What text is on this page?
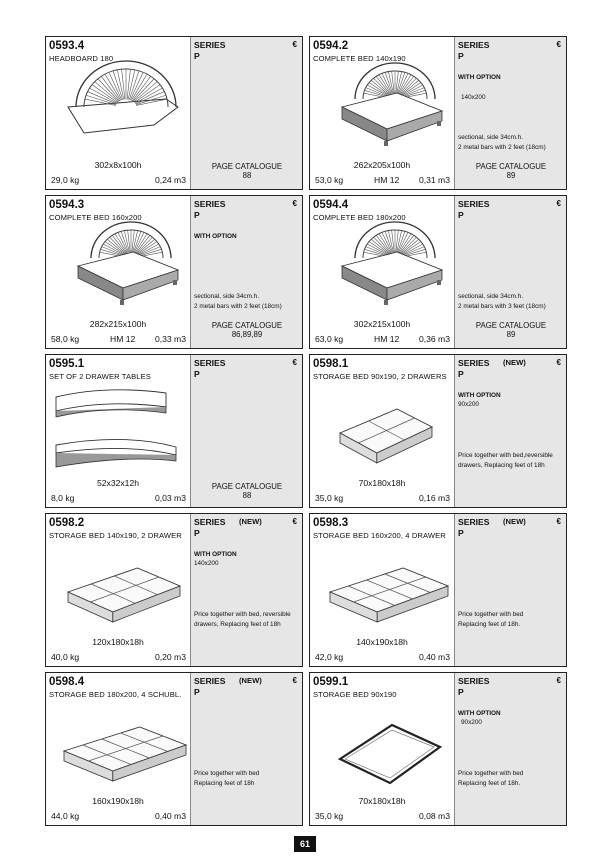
0593.4
HEADBOARD 180
302x8x100h
29,0 kg	0,24 m3
SERIES	€
P
PAGE CATALOGUE
88
0594.2
COMPLETE BED 140x190
262x205x100h
53,0 kg	HM 12 0,31 m3
SERIES	€
P
WITH OPTION
140x200
sectional, side 34cm.h.
2 metal bars with 2 feet (18cm)
PAGE CATALOGUE
89
0594.3
COMPLETE BED 160x200
282x215x100h
58,0 kg	HM 12 0,33 m3
SERIES	€
P
WITH OPTION
sectional, side 34cm.h.
2 metal bars with 2 feet (18cm)
PAGE CATALOGUE
86,89,89
0594.4
COMPLETE BED 180x200
302x215x100h
63,0 kg	HM 12 0,36 m3
SERIES	€
P
sectional, side 34cm.h.
2 metal bars with 3 feet (18cm)
PAGE CATALOGUE
89
0595.1
SET OF 2 DRAWER TABLES
52x32x12h
8,0 kg	0,03 m3
SERIES	€
P
PAGE CATALOGUE
88
0598.1
STORAGE BED 90x190, 2 DRAWERS
70x180x18h
35,0 kg	0,16 m3
SERIES (NEW)	€
P
WITH OPTION
90x200
Price together with bed,reversible
drawers, Replacing feet of 18h
0598.2
STORAGE BED 140x190, 2 DRAWER
120x180x18h
40,0 kg	0,20 m3
SERIES (NEW)	€
P
WITH OPTION
140x200
Price together with bed, reversible
drawers, Replacing feet of 18h
0598.3
STORAGE BED 160x200, 4 DRAWER
140x190x18h
42,0 kg	0,40 m3
SERIES (NEW)	€
P
Price together with bed
Replacing feet of 18h.
0598.4
STORAGE BED 180x200, 4 SCHUBL.
160x190x18h
44,0 kg	0,40 m3
SERIES (NEW)	€
P
Price together with bed
Replacing feet of 18h
0599.1
STORAGE BED 90x190
70x180x18h
35,0 kg	0,08 m3
SERIES	€
P
WITH OPTION
90x200
Price together with bed
Replacing feet of 18h.
61
